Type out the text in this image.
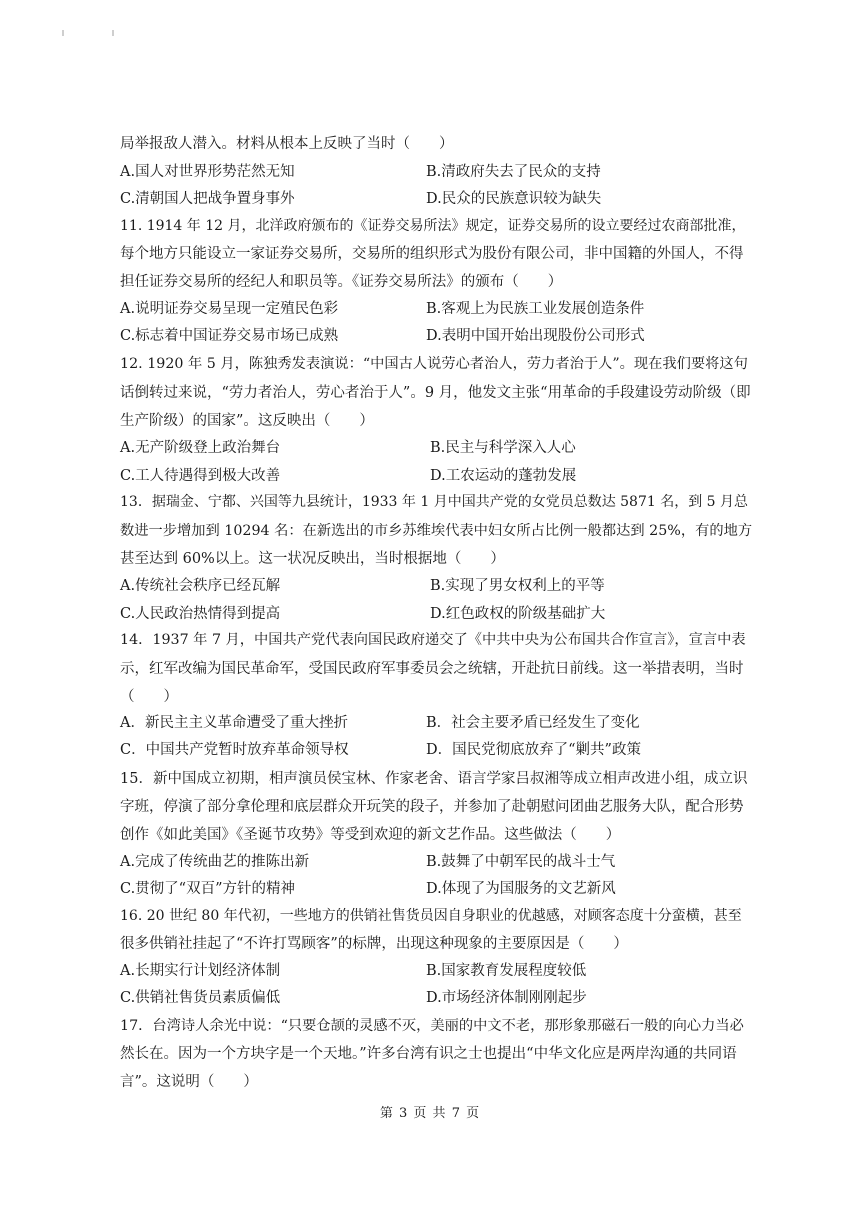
局举报敌人潜入。材料从根本上反映了当时（　　）
A.国人对世界形势茫然无知	B.清政府失去了民众的支持
C.清朝国人把战争置身事外	D.民众的民族意识较为缺失
11. 1914 年 12 月，北洋政府颁布的《证券交易所法》规定，证券交易所的设立要经过农商部批准，
每个地方只能设立一家证券交易所，交易所的组织形式为股份有限公司，非中国籍的外国人，不得
担任证券交易所的经纪人和职员等。《证券交易所法》的颁布（　　）
A.说明证券交易呈现一定殖民色彩	B.客观上为民族工业发展创造条件
C.标志着中国证券交易市场已成熟	D.表明中国开始出现股份公司形式
12. 1920 年 5 月，陈独秀发表演说：“中国古人说劳心者治人，劳力者治于人”。现在我们要将这句
话倒转过来说，“劳力者治人，劳心者治于人”。9 月，他发文主张“用革命的手段建设劳动阶级（即
生产阶级）的国家”。这反映出（　　）
A.无产阶级登上政治舞台	B.民主与科学深入人心
C.工人待遇得到极大改善	D.工农运动的蓬勃发展
13．据瑞金、宁都、兴国等九县统计，1933 年 1 月中国共产党的女党员总数达 5871 名，到 5 月总
数进一步增加到 10294 名：在新选出的市乡苏维埃代表中妇女所占比例一般都达到 25%，有的地方
甚至达到 60%以上。这一状况反映出，当时根据地（　　）
A.传统社会秩序已经瓦解	B.实现了男女权利上的平等
C.人民政治热情得到提高	D.红色政权的阶级基础扩大
14．1937 年 7 月，中国共产党代表向国民政府递交了《中共中央为公布国共合作宣言》，宣言中表
示，红军改编为国民革命军，受国民政府军事委员会之统辖，开赴抗日前线。这一举措表明，当时
（　　）
A．新民主主义革命遭受了重大挫折	B．社会主要矛盾已经发生了变化
C．中国共产党暂时放弃革命领导权	D．国民党彻底放弃了“剿共”政策
15．新中国成立初期，相声演员侯宝林、作家老舍、语言学家吕叔湘等成立相声改进小组，成立识
字班，停演了部分拿伦理和底层群众开玩笑的段子，并参加了赴朝慰问团曲艺服务大队，配合形势
创作《如此美国》《圣诞节攻势》等受到欢迎的新文艺作品。这些做法（　　）
A.完成了传统曲艺的推陈出新	B.鼓舞了中朝军民的战斗士气
C.贯彻了“双百”方针的精神	D.体现了为国服务的文艺新风
16. 20 世纪 80 年代初，一些地方的供销社售货员因自身职业的优越感，对顾客态度十分蛮横，甚至
很多供销社挂起了“不许打骂顾客”的标牌，出现这种现象的主要原因是（　　）
A.长期实行计划经济体制	B.国家教育发展程度较低
C.供销社售货员素质偏低	D.市场经济体制刚刚起步
17．台湾诗人余光中说：“只要仓颉的灵感不灭，美丽的中文不老，那形象那磁石一般的向心力当必
然长在。因为一个方块字是一个天地。”许多台湾有识之士也提出“中华文化应是两岸沟通的共同语
言”。这说明（　　）
第 3 页 共 7 页
